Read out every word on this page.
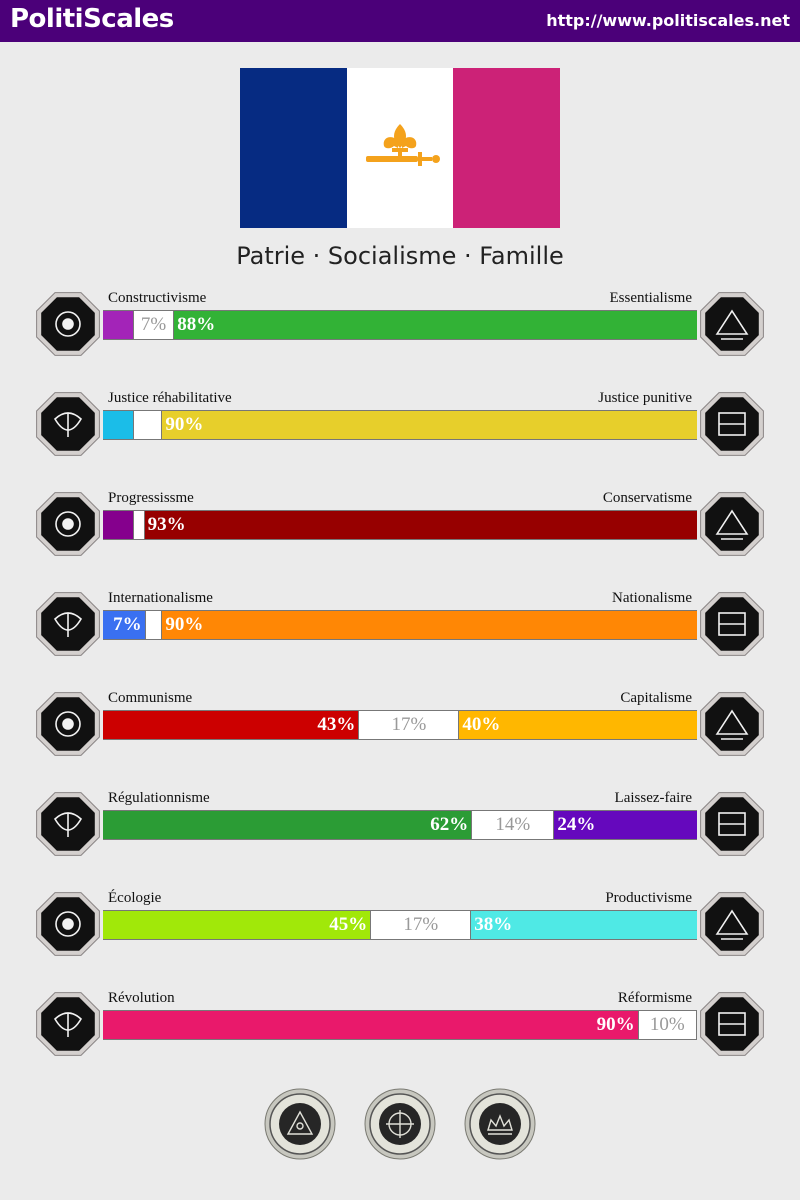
PolitiScales	http://www.politiscales.net
Patrie · Socialisme · Famille
Constructivisme	Essentialisme
7% 88%
Justice réhabilitative	Justice punitive
90%
Progressissme	Conservatisme
93%
Internationalisme	Nationalisme
7% 90%
Communisme	Capitalisme
43%	17%	40%
Régulationnisme	Laissez-faire
62%	14%	24%
Écologie	Productivisme
45%	17%	38%
Révolution	Réformisme
90% 10%
